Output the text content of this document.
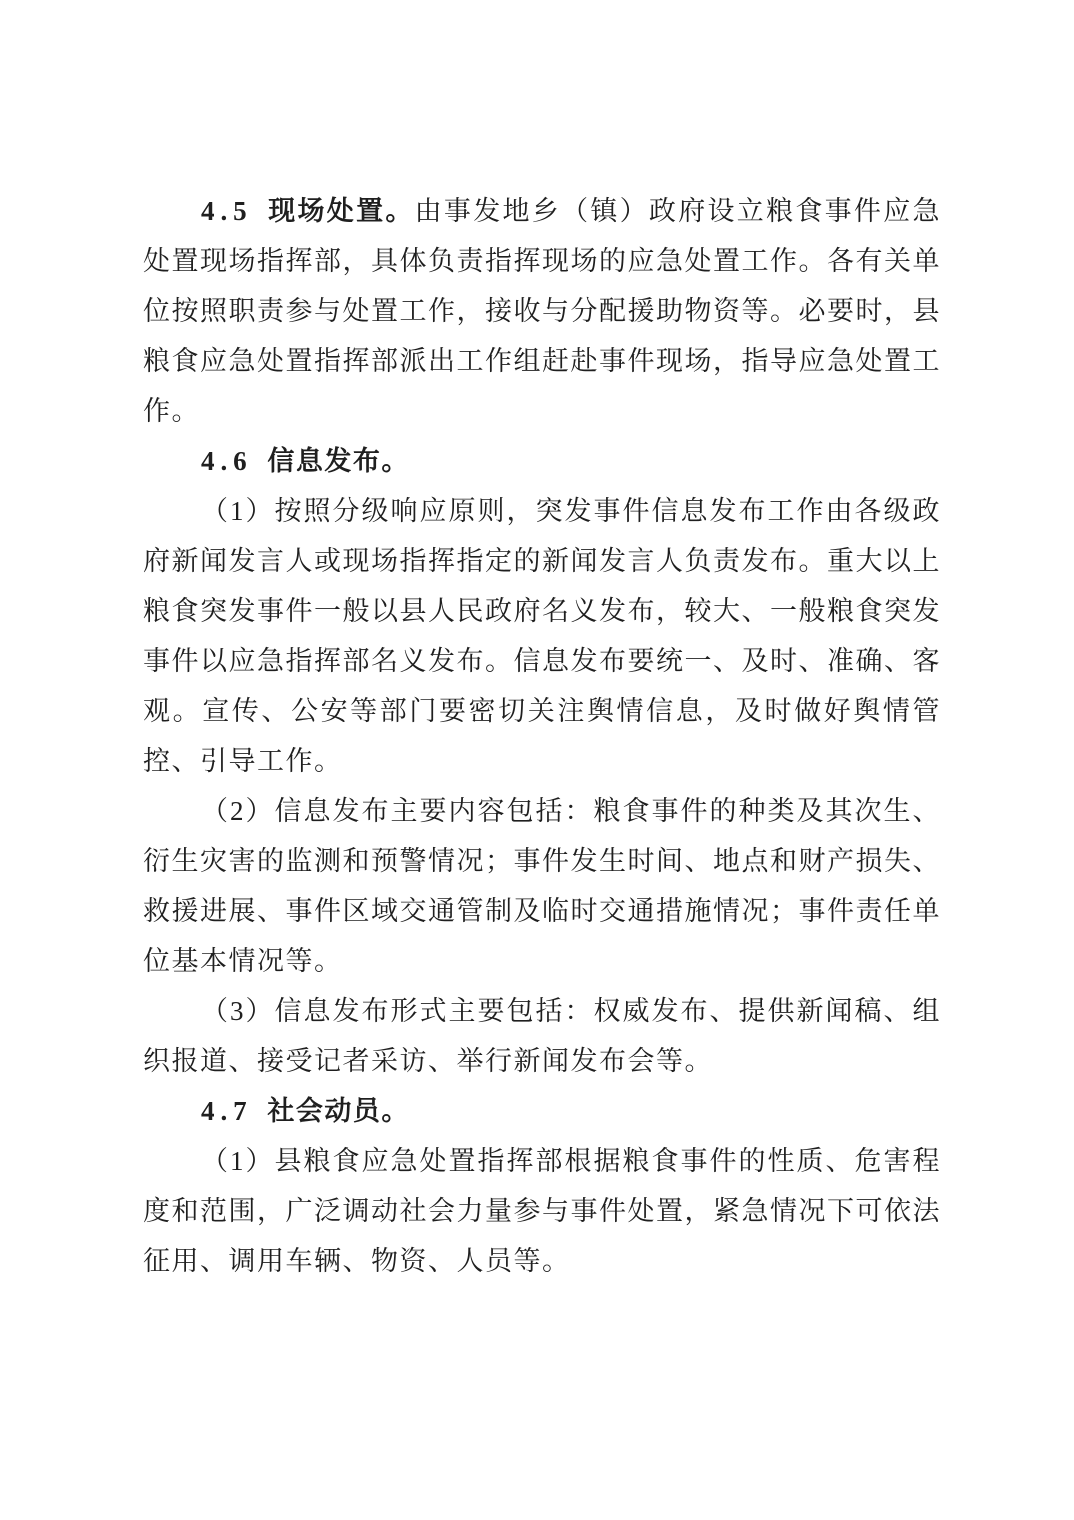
4.5 现场处置。由事发地乡（镇）政府设立粮食事件应急处置现场指挥部，具体负责指挥现场的应急处置工作。各有关单位按照职责参与处置工作，接收与分配援助物资等。必要时，县粮食应急处置指挥部派出工作组赶赴事件现场，指导应急处置工作。

4.6 信息发布。

（1）按照分级响应原则，突发事件信息发布工作由各级政府新闻发言人或现场指挥指定的新闻发言人负责发布。重大以上粮食突发事件一般以县人民政府名义发布，较大、一般粮食突发事件以应急指挥部名义发布。信息发布要统一、及时、准确、客观。宣传、公安等部门要密切关注舆情信息，及时做好舆情管控、引导工作。

（2）信息发布主要内容包括：粮食事件的种类及其次生、衍生灾害的监测和预警情况；事件发生时间、地点和财产损失、救援进展、事件区域交通管制及临时交通措施情况；事件责任单位基本情况等。

（3）信息发布形式主要包括：权威发布、提供新闻稿、组织报道、接受记者采访、举行新闻发布会等。

4.7 社会动员。

（1）县粮食应急处置指挥部根据粮食事件的性质、危害程度和范围，广泛调动社会力量参与事件处置，紧急情况下可依法征用、调用车辆、物资、人员等。
